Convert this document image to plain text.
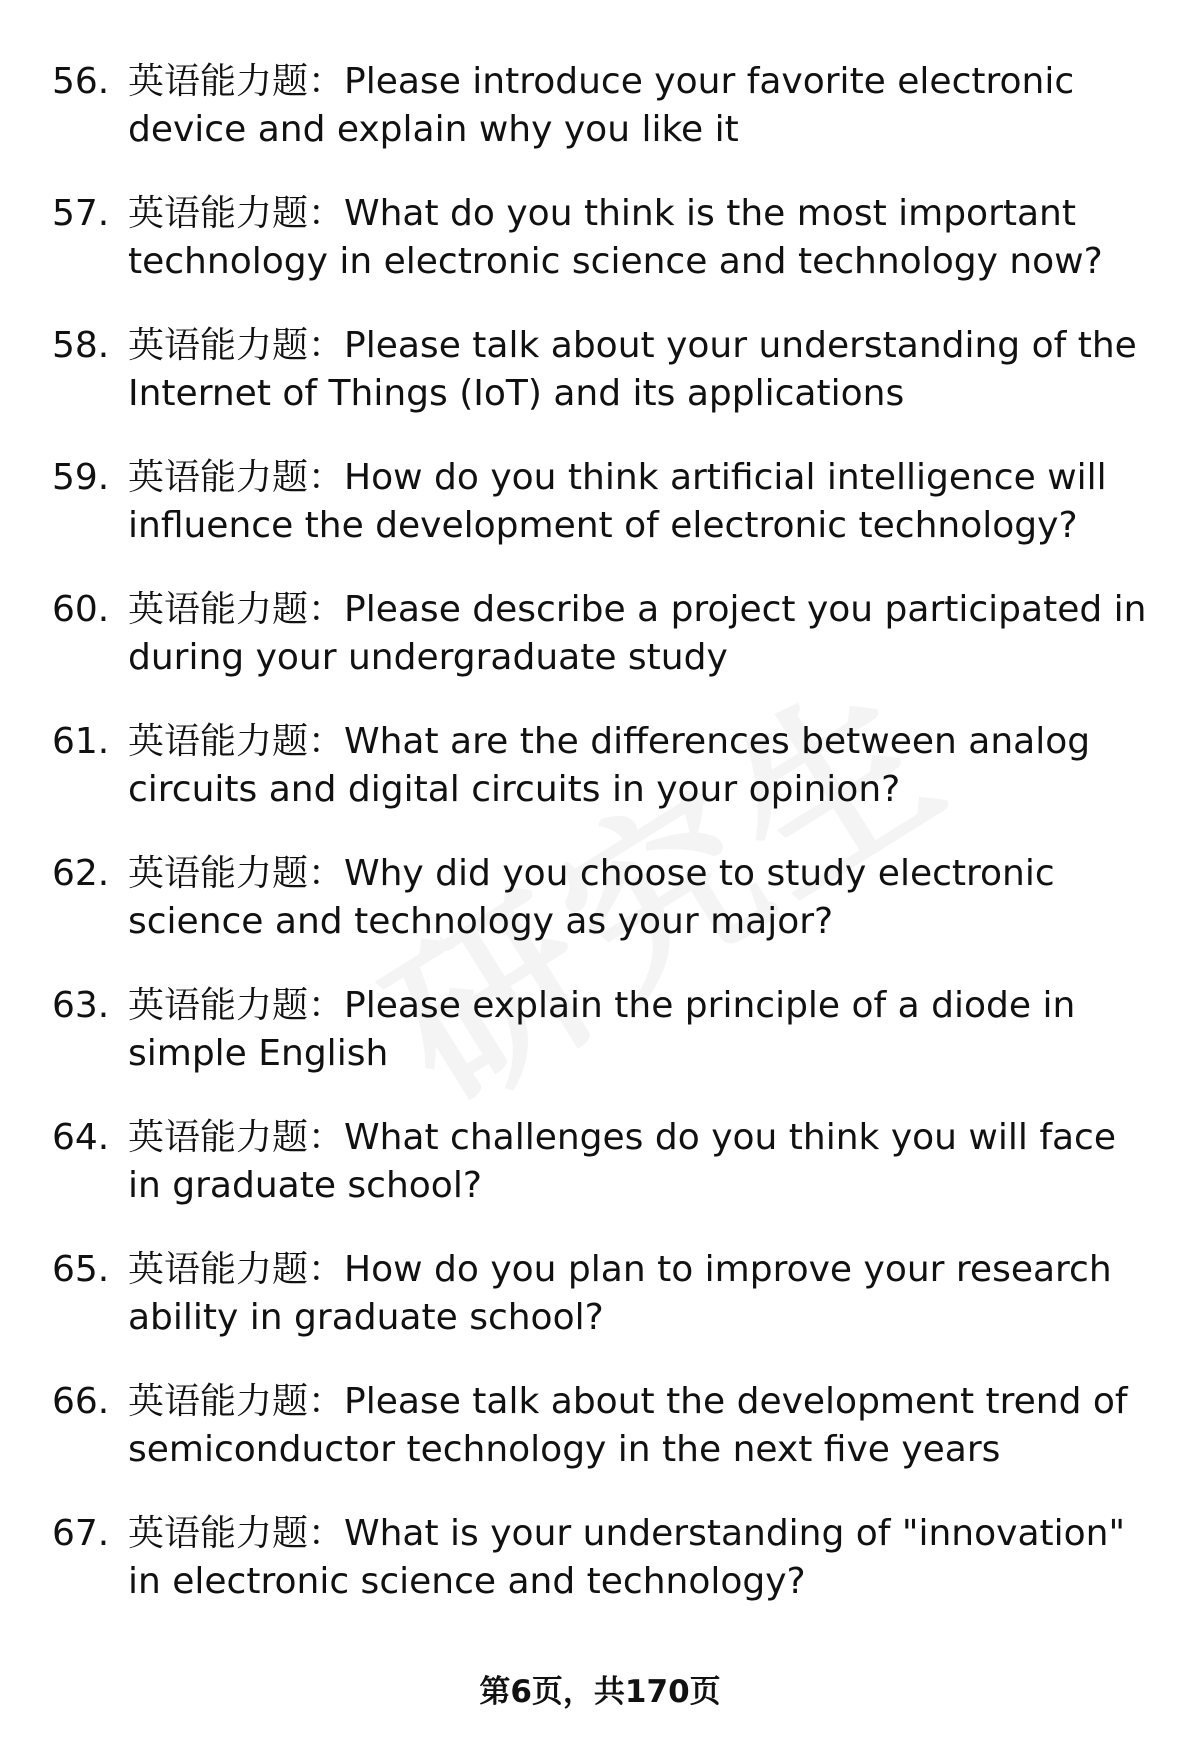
56. 英语能力题：Please introduce your favorite electronic device and explain why you like it
57. 英语能力题：What do you think is the most important technology in electronic science and technology now?
58. 英语能力题：Please talk about your understanding of the Internet of Things (IoT) and its applications
59. 英语能力题：How do you think artificial intelligence will influence the development of electronic technology?
60. 英语能力题：Please describe a project you participated in during your undergraduate study
61. 英语能力题：What are the differences between analog circuits and digital circuits in your opinion?
62. 英语能力题：Why did you choose to study electronic science and technology as your major?
63. 英语能力题：Please explain the principle of a diode in simple English
64. 英语能力题：What challenges do you think you will face in graduate school?
65. 英语能力题：How do you plan to improve your research ability in graduate school?
66. 英语能力题：Please talk about the development trend of semiconductor technology in the next five years
67. 英语能力题：What is your understanding of "innovation" in electronic science and technology?
第6页，共170页
